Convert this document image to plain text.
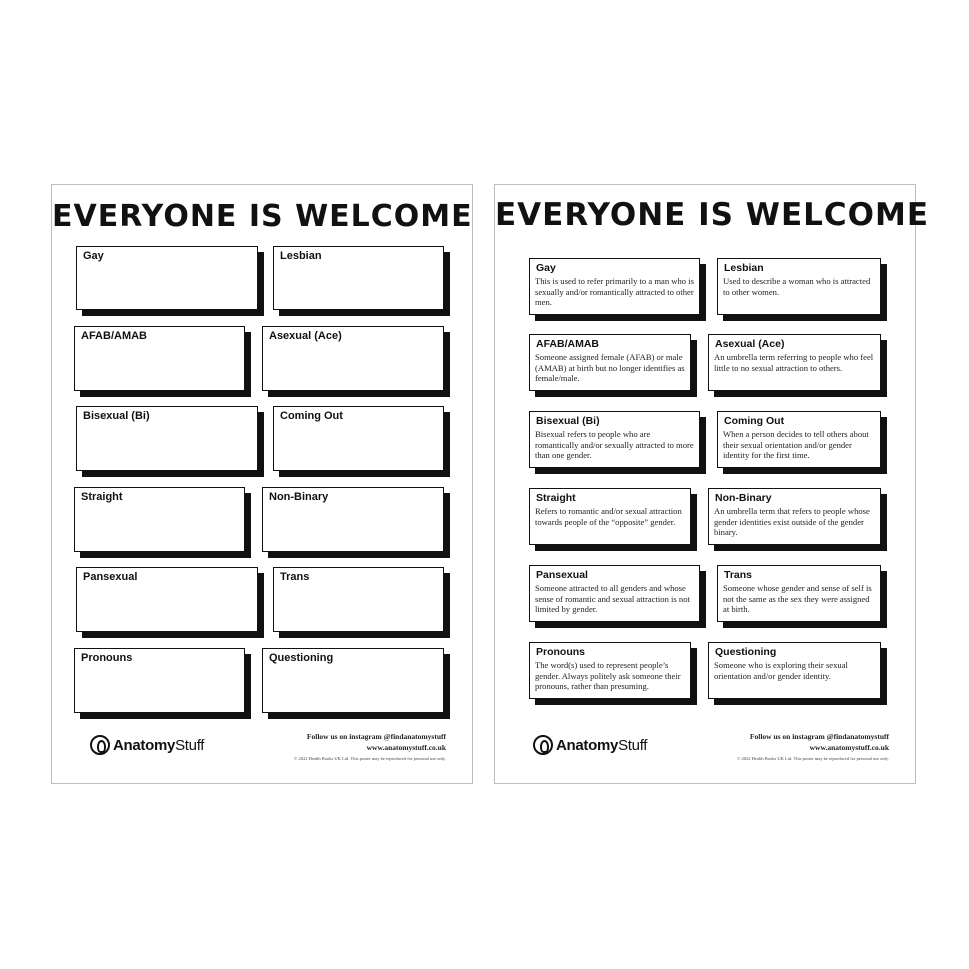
EVERYONE IS WELCOME
Gay	Lesbian
AFAB/AMAB	Asexual (Ace)
Bisexual (Bi)	Coming Out
Straight	Non-Binary
Pansexual	Trans
Pronouns	Questioning
AnatomyStuff	Follow us on instagram @findanatomystuff
www.anatomystuff.co.uk
© 2022 Health Books UK Ltd. This poster may be reproduced for personal use only.
EVERYONE IS WELCOME
Gay
This is used to refer primarily to a man who is sexually and/or romantically attracted to other men.
Lesbian
Used to describe a woman who is attracted to other women.
AFAB/AMAB
Someone assigned female (AFAB) or male (AMAB) at birth but no longer identifies as female/male.
Asexual (Ace)
An umbrella term referring to people who feel little to no sexual attraction to others.
Bisexual (Bi)
Bisexual refers to people who are romantically and/or sexually attracted to more than one gender.
Coming Out
When a person decides to tell others about their sexual orientation and/or gender identity for the first time.
Straight
Refers to romantic and/or sexual attraction towards people of the “opposite” gender.
Non-Binary
An umbrella term that refers to people whose gender identities exist outside of the gender binary.
Pansexual
Someone attracted to all genders and whose sense of romantic and sexual attraction is not limited by gender.
Trans
Someone whose gender and sense of self is not the same as the sex they were assigned at birth.
Pronouns
The word(s) used to represent people’s gender. Always politely ask someone their pronouns, rather than presuming.
Questioning
Someone who is exploring their sexual orientation and/or gender identity.
AnatomyStuff	Follow us on instagram @findanatomystuff
www.anatomystuff.co.uk
© 2022 Health Books UK Ltd. This poster may be reproduced for personal use only.
